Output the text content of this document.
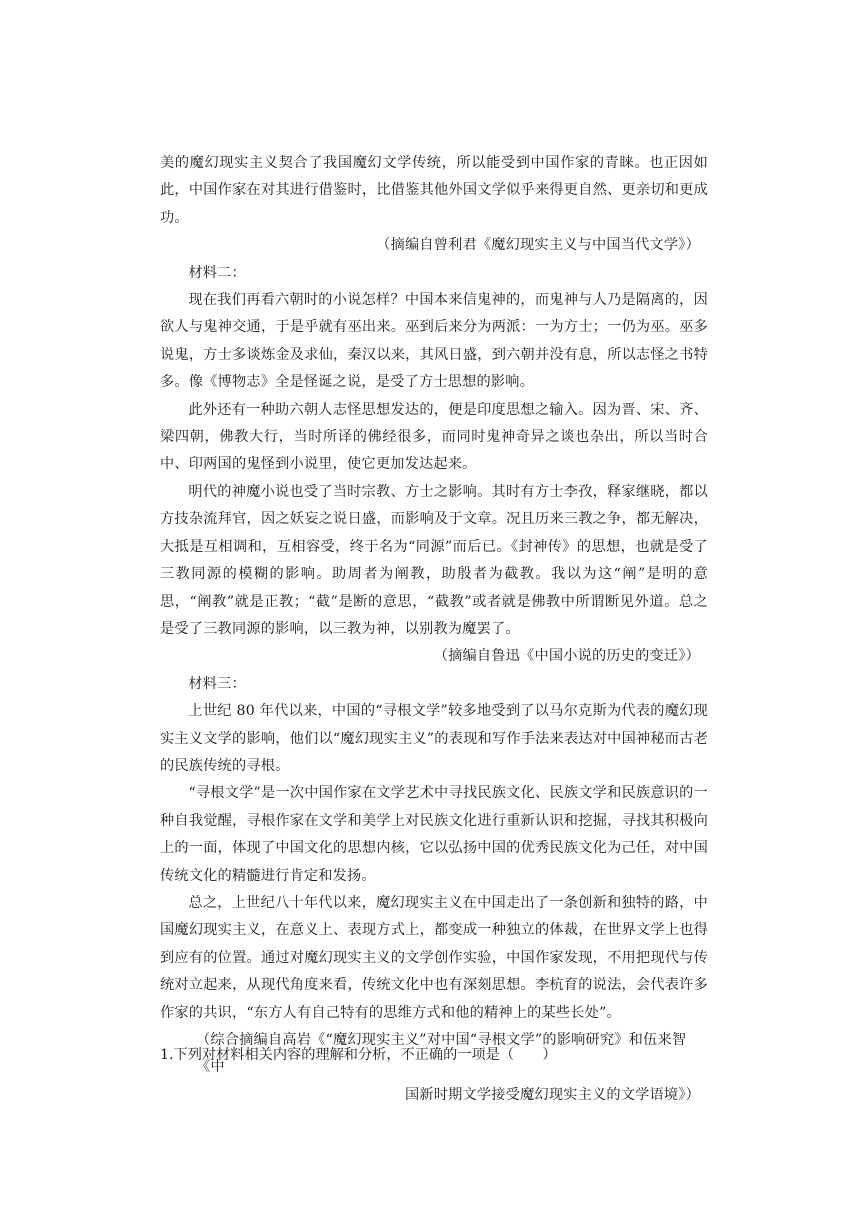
美的魔幻现实主义契合了我国魔幻文学传统，所以能受到中国作家的青睐。也正因如此，中国作家在对其进行借鉴时，比借鉴其他外国文学似乎来得更自然、更亲切和更成功。

（摘编自曾利君《魔幻现实主义与中国当代文学》）

材料二：

现在我们再看六朝时的小说怎样？中国本来信鬼神的，而鬼神与人乃是隔离的，因欲人与鬼神交通，于是乎就有巫出来。巫到后来分为两派：一为方士；一仍为巫。巫多说鬼，方士多谈炼金及求仙，秦汉以来，其风日盛，到六朝并没有息，所以志怪之书特多。像《博物志》全是怪诞之说，是受了方士思想的影响。

此外还有一种助六朝人志怪思想发达的，便是印度思想之输入。因为晋、宋、齐、梁四朝，佛教大行，当时所译的佛经很多，而同时鬼神奇异之谈也杂出，所以当时合中、印两国的鬼怪到小说里，使它更加发达起来。

明代的神魔小说也受了当时宗教、方士之影响。其时有方士李孜，释家继晓，都以方技杂流拜官，因之妖妄之说日盛，而影响及于文章。况且历来三教之争，都无解决，大抵是互相调和，互相容受，终于名为“同源”而后已。《封神传》的思想，也就是受了三教同源的模糊的影响。助周者为阐教，助殷者为截教。我以为这“阐”是明的意思，“阐教”就是正教；“截”是断的意思，“截教”或者就是佛教中所谓断见外道。总之是受了三教同源的影响，以三教为神，以别教为魔罢了。

（摘编自鲁迅《中国小说的历史的变迁》）

材料三：

上世纪 80 年代以来，中国的“寻根文学”较多地受到了以马尔克斯为代表的魔幻现实主义文学的影响，他们以“魔幻现实主义”的表现和写作手法来表达对中国神秘而古老的民族传统的寻根。

“寻根文学”是一次中国作家在文学艺术中寻找民族文化、民族文学和民族意识的一种自我觉醒，寻根作家在文学和美学上对民族文化进行重新认识和挖掘，寻找其积极向上的一面，体现了中国文化的思想内核，它以弘扬中国的优秀民族文化为己任，对中国传统文化的精髓进行肯定和发扬。

总之，上世纪八十年代以来，魔幻现实主义在中国走出了一条创新和独特的路，中国魔幻现实主义，在意义上、表现方式上，都变成一种独立的体裁，在世界文学上也得到应有的位置。通过对魔幻现实主义的文学创作实验，中国作家发现，不用把现代与传统对立起来，从现代角度来看，传统文化中也有深刻思想。李杭育的说法，会代表许多作家的共识，“东方人有自己特有的思维方式和他的精神上的某些长处”。

（综合摘编自高岩《“魔幻现实主义”对中国“寻根文学”的影响研究》和伍来智《中
国新时期文学接受魔幻现实主义的文学语境》）

1.下列对材料相关内容的理解和分析，不正确的一项是（　　）
